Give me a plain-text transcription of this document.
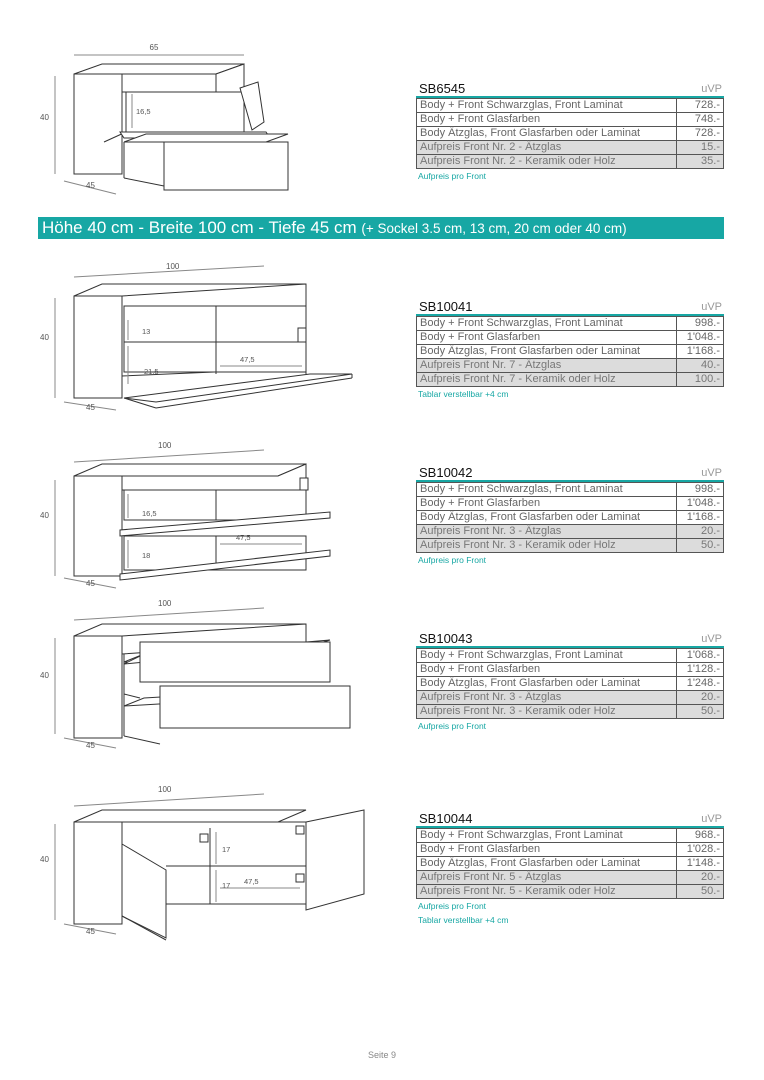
65
40
45
16,5
SB6545	uVP
Body + Front Schwarzglas, Front Laminat	728.-
Body + Front Glasfarben	748.-
Body Ätzglas, Front Glasfarben oder Laminat	728.-
Aufpreis Front Nr. 2 - Ätzglas	15.-
Aufpreis Front Nr. 2 - Keramik oder Holz	35.-
Aufpreis pro Front
Höhe 40 cm - Breite 100 cm - Tiefe 45 cm (+ Sockel 3.5 cm, 13 cm, 20 cm oder 40 cm)
100
40
45
13
21,5
47,5
SB10041	uVP
Body + Front Schwarzglas, Front Laminat	998.-
Body + Front Glasfarben	1'048.-
Body Ätzglas, Front Glasfarben oder Laminat	1'168.-
Aufpreis Front Nr. 7 - Ätzglas	40.-
Aufpreis Front Nr. 7 - Keramik oder Holz	100.-
Tablar verstellbar +4 cm
100
40
45
16,5
47,5
18
SB10042	uVP
Body + Front Schwarzglas, Front Laminat	998.-
Body + Front Glasfarben	1'048.-
Body Ätzglas, Front Glasfarben oder Laminat	1'168.-
Aufpreis Front Nr. 3 - Ätzglas	20.-
Aufpreis Front Nr. 3 - Keramik oder Holz	50.-
Aufpreis pro Front
100
40
45
SB10043	uVP
Body + Front Schwarzglas, Front Laminat	1'068.-
Body + Front Glasfarben	1'128.-
Body Ätzglas, Front Glasfarben oder Laminat	1'248.-
Aufpreis Front Nr. 3 - Ätzglas	20.-
Aufpreis Front Nr. 3 - Keramik oder Holz	50.-
Aufpreis pro Front
100
40
45
17
17 47,5
SB10044	uVP
Body + Front Schwarzglas, Front Laminat	968.-
Body + Front Glasfarben	1'028.-
Body Ätzglas, Front Glasfarben oder Laminat	1'148.-
Aufpreis Front Nr. 5 - Ätzglas	20.-
Aufpreis Front Nr. 5 - Keramik oder Holz	50.-
Aufpreis pro Front
Tablar verstellbar +4 cm
Seite 9
